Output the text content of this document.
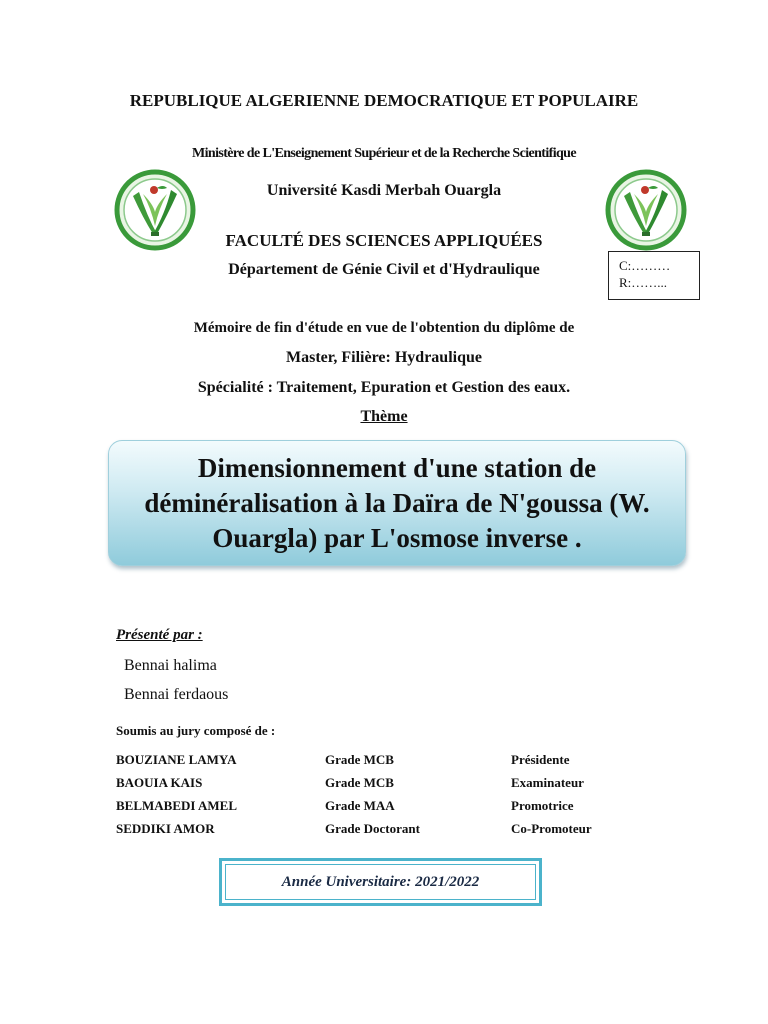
REPUBLIQUE ALGERIENNE DEMOCRATIQUE ET POPULAIRE
Ministère de L'Enseignement Supérieur et de la Recherche Scientifique
Université Kasdi Merbah Ouargla
FACULTÉ DES SCIENCES APPLIQUÉES
Département de Génie Civil et d'Hydraulique	C:………
R:……...
Mémoire de fin d'étude en vue de l'obtention du diplôme de
Master, Filière: Hydraulique
Spécialité : Traitement, Epuration et Gestion des eaux.
Thème
Dimensionnement d'une station de déminéralisation à la Daïra de N'goussa (W. Ouargla) par L'osmose inverse .
Présenté par :
Bennai halima
Bennai ferdaous
Soumis au jury composé de :
BOUZIANE LAMYA	Grade MCB	Présidente
BAOUIA KAIS	Grade MCB	Examinateur
BELMABEDI AMEL	Grade MAA	Promotrice
SEDDIKI AMOR	Grade Doctorant	Co-Promoteur
Année Universitaire: 2021/2022
